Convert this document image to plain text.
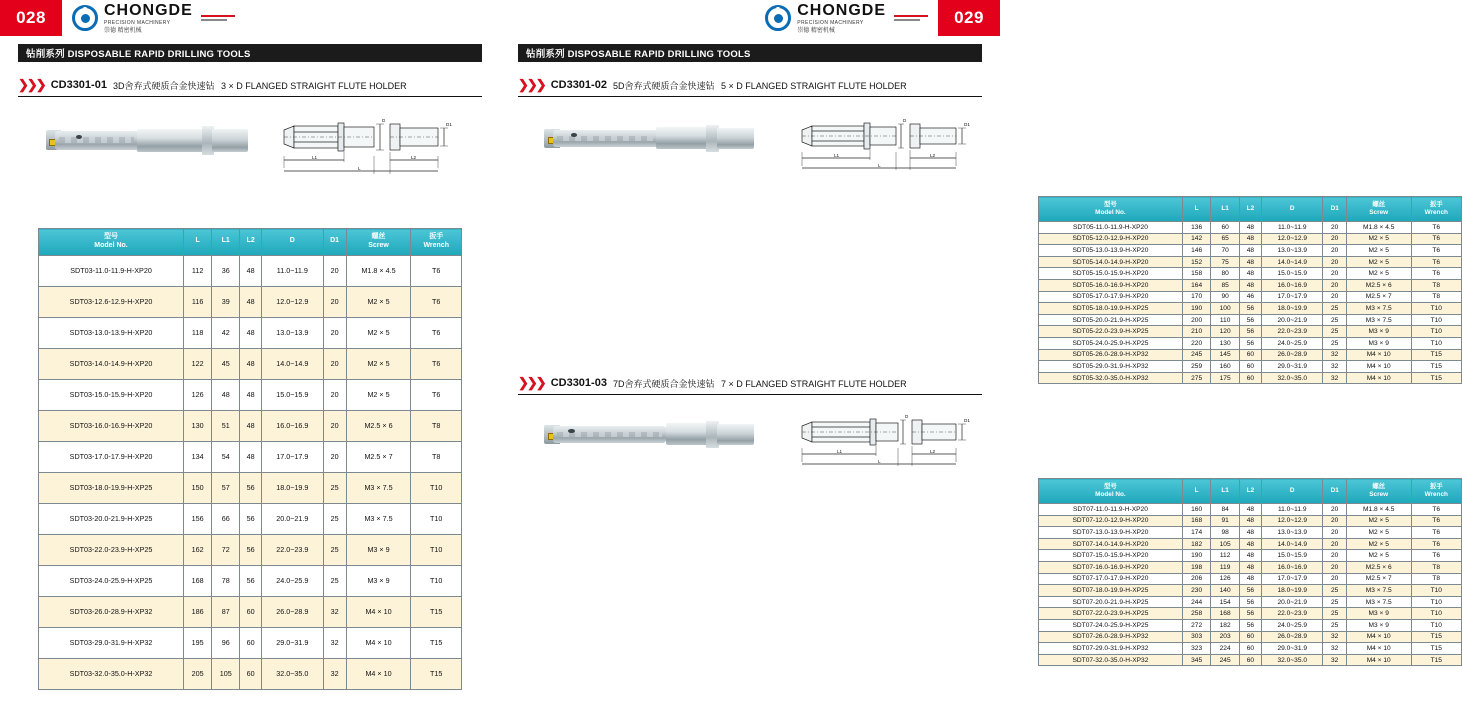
028	CHONGDE
PRECISION MACHINERY
崇德 精密机械
钻削系列 DISPOSABLE RAPID DRILLING TOOLS
❯❯❯ CD3301-01 3D舍弃式硬质合金快速钻 3 × D FLANGED STRAIGHT FLUTE HOLDER
L1	L2
L
D
D1
型号
Model No.	L	L1	L2	D	D1	螺丝
Screw	扳手
Wrench

SDT03-11.0-11.9-H-XP20	112	36	48	11.0~11.9	20	M1.8 × 4.5	T6
SDT03-12.6-12.9-H-XP20	116	39	48	12.0~12.9	20	M2 × 5	T6
SDT03-13.0-13.9-H-XP20	118	42	48	13.0~13.9	20	M2 × 5	T6
SDT03-14.0-14.9-H-XP20	122	45	48	14.0~14.9	20	M2 × 5	T6
SDT03-15.0-15.9-H-XP20	126	48	48	15.0~15.9	20	M2 × 5	T6
SDT03-16.0-16.9-H-XP20	130	51	48	16.0~16.9	20	M2.5 × 6	T8
SDT03-17.0-17.9-H-XP20	134	54	48	17.0~17.9	20	M2.5 × 7	T8
SDT03-18.0-19.9-H-XP25	150	57	56	18.0~19.9	25	M3 × 7.5	T10
SDT03-20.0-21.9-H-XP25	156	66	56	20.0~21.9	25	M3 × 7.5	T10
SDT03-22.0-23.9-H-XP25	162	72	56	22.0~23.9	25	M3 × 9	T10
SDT03-24.0-25.9-H-XP25	168	78	56	24.0~25.9	25	M3 × 9	T10
SDT03-26.0-28.9-H-XP32	186	87	60	26.0~28.9	32	M4 × 10	T15
SDT03-29.0-31.9-H-XP32	195	96	60	29.0~31.9	32	M4 × 10	T15
SDT03-32.0-35.0-H-XP32	205	105	60	32.0~35.0	32	M4 × 10	T15
029
CHONGDE
PRECISION MACHINERY
崇德 精密机械
钻削系列 DISPOSABLE RAPID DRILLING TOOLS
❯❯❯ CD3301-02 5D舍弃式硬质合金快速钻 5 × D FLANGED STRAIGHT FLUTE HOLDER
L1	L2
L
D
D1
型号
Model No.	L	L1	L2	D	D1	螺丝
Screw	扳手
Wrench

SDT05-11.0-11.9-H-XP20	136	60	48	11.0~11.9	20	M1.8 × 4.5	T6
SDT05-12.0-12.9-H-XP20	142	65	48	12.0~12.9	20	M2 × 5	T6
SDT05-13.0-13.9-H-XP20	146	70	48	13.0~13.9	20	M2 × 5	T6
SDT05-14.0-14.9-H-XP20	152	75	48	14.0~14.9	20	M2 × 5	T6
SDT05-15.0-15.9-H-XP20	158	80	48	15.0~15.9	20	M2 × 5	T6
SDT05-16.0-16.9-H-XP20	164	85	48	16.0~16.9	20	M2.5 × 6	T8
SDT05-17.0-17.9-H-XP20	170	90	46	17.0~17.9	20	M2.5 × 7	T8
SDT05-18.0-19.9-H-XP25	190	100	56	18.0~19.9	25	M3 × 7.5	T10
SDT05-20.0-21.9-H-XP25	200	110	56	20.0~21.9	25	M3 × 7.5	T10
SDT05-22.0-23.9-H-XP25	210	120	56	22.0~23.9	25	M3 × 9	T10
SDT05-24.0-25.9-H-XP25	220	130	56	24.0~25.9	25	M3 × 9	T10
SDT05-26.0-28.9-H-XP32	245	145	60	26.0~28.9	32	M4 × 10	T15
SDT05-29.0-31.9-H-XP32	259	160	60	29.0~31.9	32	M4 × 10	T15
SDT05-32.0-35.0-H-XP32	275	175	60	32.0~35.0	32	M4 × 10	T15
❯❯❯ CD3301-03 7D舍弃式硬质合金快速钻 7 × D FLANGED STRAIGHT FLUTE HOLDER
L1	L2
L
D
D1
型号
Model No.	L	L1	L2	D	D1	螺丝
Screw	扳手
Wrench

SDT07-11.0-11.9-H-XP20	160	84	48	11.0~11.9	20	M1.8 × 4.5	T6
SDT07-12.0-12.9-H-XP20	168	91	48	12.0~12.9	20	M2 × 5	T6
SDT07-13.0-13.9-H-XP20	174	98	48	13.0~13.9	20	M2 × 5	T6
SDT07-14.0-14.9-H-XP20	182	105	48	14.0~14.9	20	M2 × 5	T6
SDT07-15.0-15.9-H-XP20	190	112	48	15.0~15.9	20	M2 × 5	T6
SDT07-16.0-16.9-H-XP20	198	119	48	16.0~16.9	20	M2.5 × 6	T8
SDT07-17.0-17.9-H-XP20	206	126	48	17.0~17.9	20	M2.5 × 7	T8
SDT07-18.0-19.9-H-XP25	230	140	56	18.0~19.9	25	M3 × 7.5	T10
SDT07-20.0-21.9-H-XP25	244	154	56	20.0~21.9	25	M3 × 7.5	T10
SDT07-22.0-23.9-H-XP25	258	168	56	22.0~23.9	25	M3 × 9	T10
SDT07-24.0-25.9-H-XP25	272	182	56	24.0~25.9	25	M3 × 9	T10
SDT07-26.0-28.9-H-XP32	303	203	60	26.0~28.9	32	M4 × 10	T15
SDT07-29.0-31.9-H-XP32	323	224	60	29.0~31.9	32	M4 × 10	T15
SDT07-32.0-35.0-H-XP32	345	245	60	32.0~35.0	32	M4 × 10	T15
